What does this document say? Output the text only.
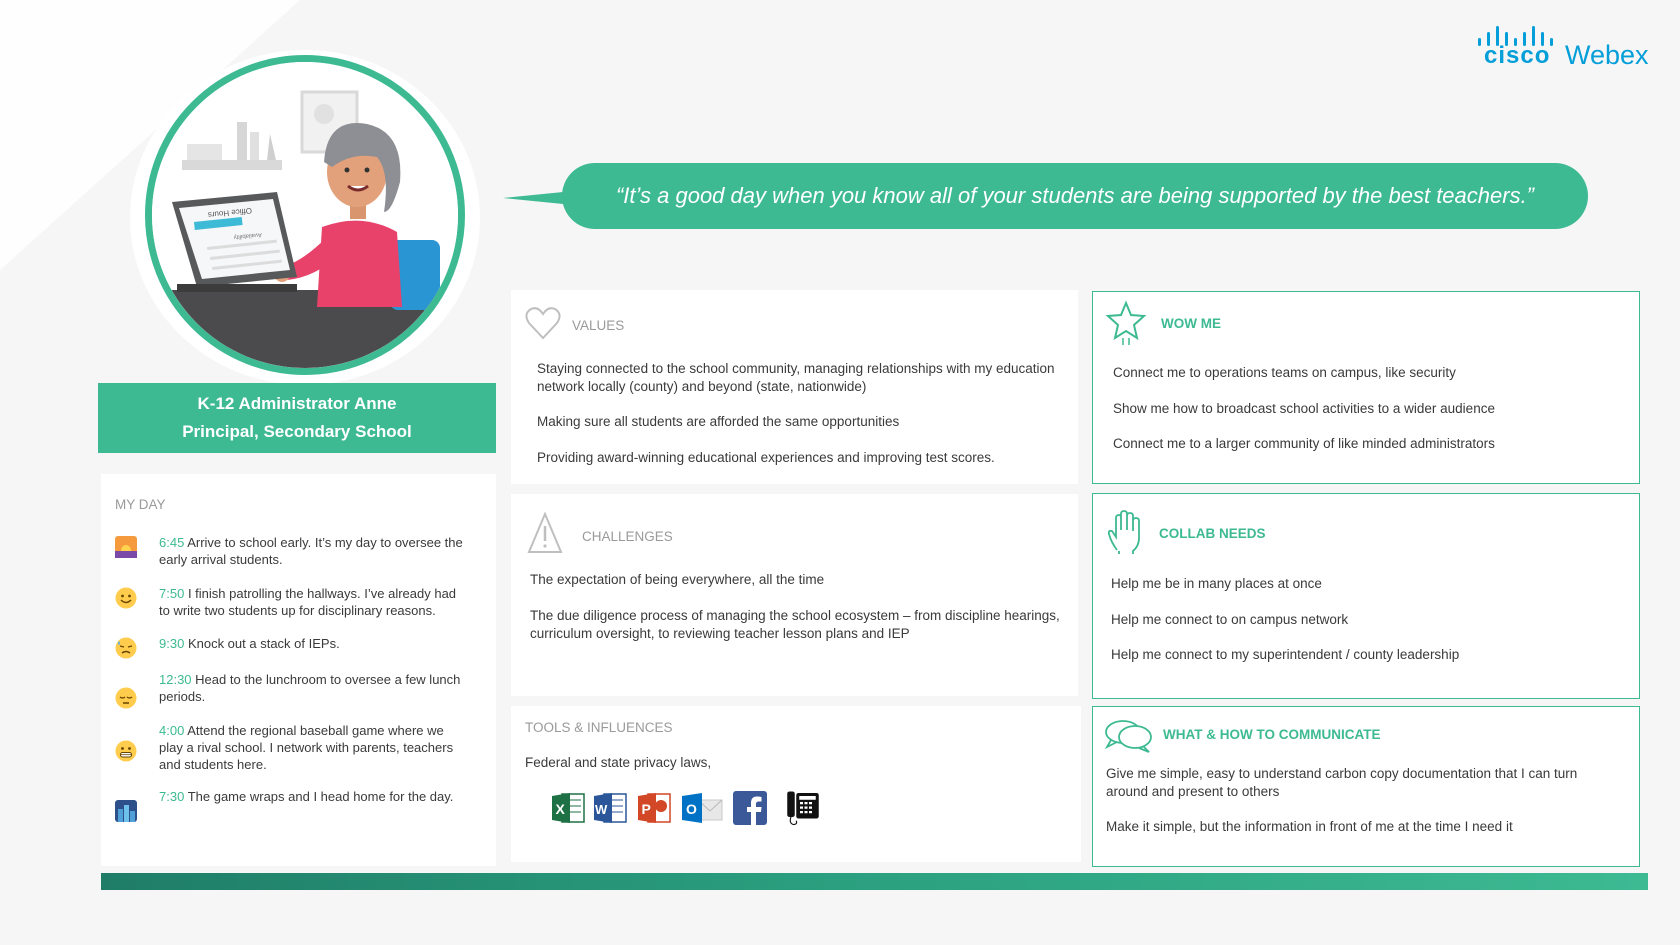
cisco Webex
Office Hours
Availability
K-12 Administrator Anne
Principal, Secondary School
“It’s a good day when you know all of your students are being supported by the best teachers.”
MY DAY
6:45 Arrive to school early. It’s my day to oversee the early arrival students.
7:50 I finish patrolling the hallways. I’ve already had to write two students up for disciplinary reasons.
9:30 Knock out a stack of IEPs.
12:30 Head to the lunchroom to oversee a few lunch periods.
4:00 Attend the regional baseball game where we play a rival school. I network with parents, teachers and students here.
7:30 The game wraps and I head home for the day.
VALUES

Staying connected to the school community, managing relationships with my education network locally (county) and beyond (state, nationwide)

Making sure all students are afforded the same opportunities

Providing award-winning educational experiences and improving test scores.

CHALLENGES

The expectation of being everywhere, all the time

The due diligence process of managing the school ecosystem – from discipline hearings, curriculum oversight, to reviewing teacher lesson plans and IEP

TOOLS & INFLUENCES

Federal and state privacy laws,

X W P	O
WOW ME

Connect me to operations teams on campus, like security

Show me how to broadcast school activities to a wider audience

Connect me to a larger community of like minded administrators

COLLAB NEEDS

Help me be in many places at once

Help me connect to on campus network

Help me connect to my superintendent / county leadership

WHAT & HOW TO COMMUNICATE

Give me simple, easy to understand carbon copy documentation that I can turn around and present to others

Make it simple, but the information in front of me at the time I need it
